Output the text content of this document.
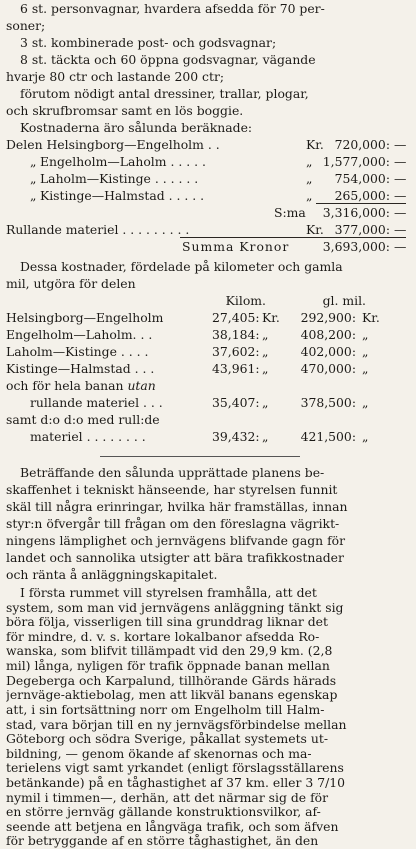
6 st. personvagnar, hvardera afsedda för 70 per-
soner;
3 st. kombinerade post- och godsvagnar;
8 st. täckta och 60 öppna godsvagnar, vägande
hvarje 80 ctr och lastande 200 ctr;
förutom nödigt antal dressiner, trallar, plogar,
och skrufbromsar samt en lös boggie.
Kostnaderna äro sålunda beräknade:
Delen Helsingborg—Engelholm . .	Kr. 720,000: —
„ Engelholm—Laholm . . . . .	„ 1,577,000: —
„ Laholm—Kistinge . . . . . .	„	754,000: —
„ Kistinge—Halmstad . . . . .	„	265,000: —
S:ma 3,316,000: —
Rullande materiel . . . . . . . . .	Kr. 377,000: —
Summa Kronor	3,693,000: —
Dessa kostnader, fördelade på kilometer och gamla
mil, utgöra för delen
Kilom.	gl. mil.
Helsingborg—Engelholm	27,405: Kr.	292,900: Kr.
Engelholm—Laholm. . .	38,184: „	408,200: „
Laholm—Kistinge . . . .	37,602: „	402,000: „
Kistinge—Halmstad . . .	43,961: „	470,000: „
och för hela banan utan
rullande materiel . . .	35,407: „	378,500: „
samt d:o d:o med rull:de
materiel . . . . . . . .	39,432: „	421,500: „
Beträffande den sålunda upprättade planens be-
skaffenhet i tekniskt hänseende, har styrelsen funnit
skäl till några erinringar, hvilka här framställas, innan
styr:n öfvergår till frågan om den föreslagna vägrikt-
ningens lämplighet och jernvägens blifvande gagn för
landet och sannolika utsigter att bära trafikkostnader
och ränta å anläggningskapitalet.
I första rummet vill styrelsen framhålla, att det
system, som man vid jernvägens anläggning tänkt sig
böra följa, visserligen till sina grunddrag liknar det
för mindre, d. v. s. kortare lokalbanor afsedda Ro-
wanska, som blifvit tillämpadt vid den 29,9 km. (2,8
mil) långa, nyligen för trafik öppnade banan mellan
Degeberga och Karpalund, tillhörande Gärds härads
jernväge-aktiebolag, men att likväl banans egenskap
att, i sin fortsättning norr om Engelholm till Halm-
stad, vara början till en ny jernvägsförbindelse mellan
Göteborg och södra Sverige, påkallat systemets ut-
bildning, — genom ökande af skenornas och ma-
terielens vigt samt yrkandet (enligt förslagsställarens
betänkande) på en tåghastighet af 37 km. eller 3 7/10
nymil i timmen—, derhän, att det närmar sig de för
en större jernväg gällande konstruktionsvilkor, af-
seende att betjena en långväga trafik, och som äfven
för betryggande af en större tåghastighet, än den
